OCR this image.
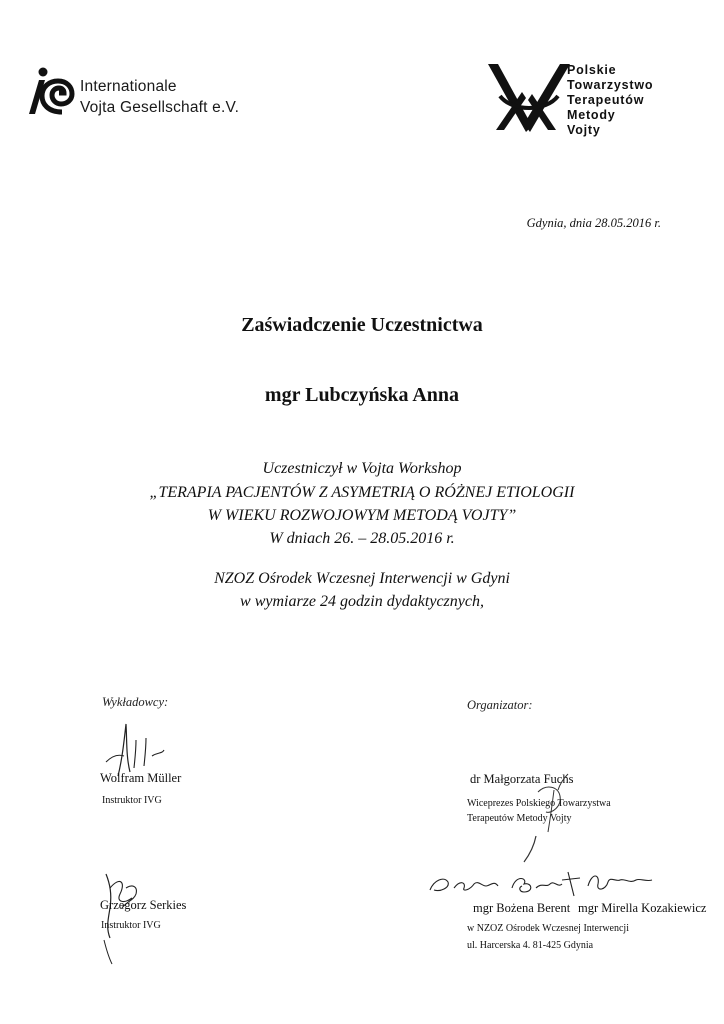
Internationale
Vojta Gesellschaft e.V.
Polskie
Towarzystwo
Terapeutów
Metody
Vojty
Gdynia, dnia 28.05.2016 r.
Zaświadczenie Uczestnictwa
mgr Lubczyńska Anna
Uczestniczył w Vojta Workshop
„TERAPIA PACJENTÓW Z ASYMETRIĄ O RÓŻNEJ ETIOLOGII
W WIEKU ROZWOJOWYM METODĄ VOJTY”
W dniach 26. – 28.05.2016 r.
NZOZ Ośrodek Wczesnej Interwencji w Gdyni
w wymiarze 24 godzin dydaktycznych,
Wykładowcy:
Wolfram Müller
Instruktor IVG
Grzegorz Serkies
Instruktor IVG
Organizator:
dr Małgorzata Fuchs
Wiceprezes Polskiego Towarzystwa
Terapeutów Metody Vojty
mgr Bożena Berent mgr Mirella Kozakiewicz
w NZOZ Ośrodek Wczesnej Interwencji
ul. Harcerska 4. 81-425 Gdynia
